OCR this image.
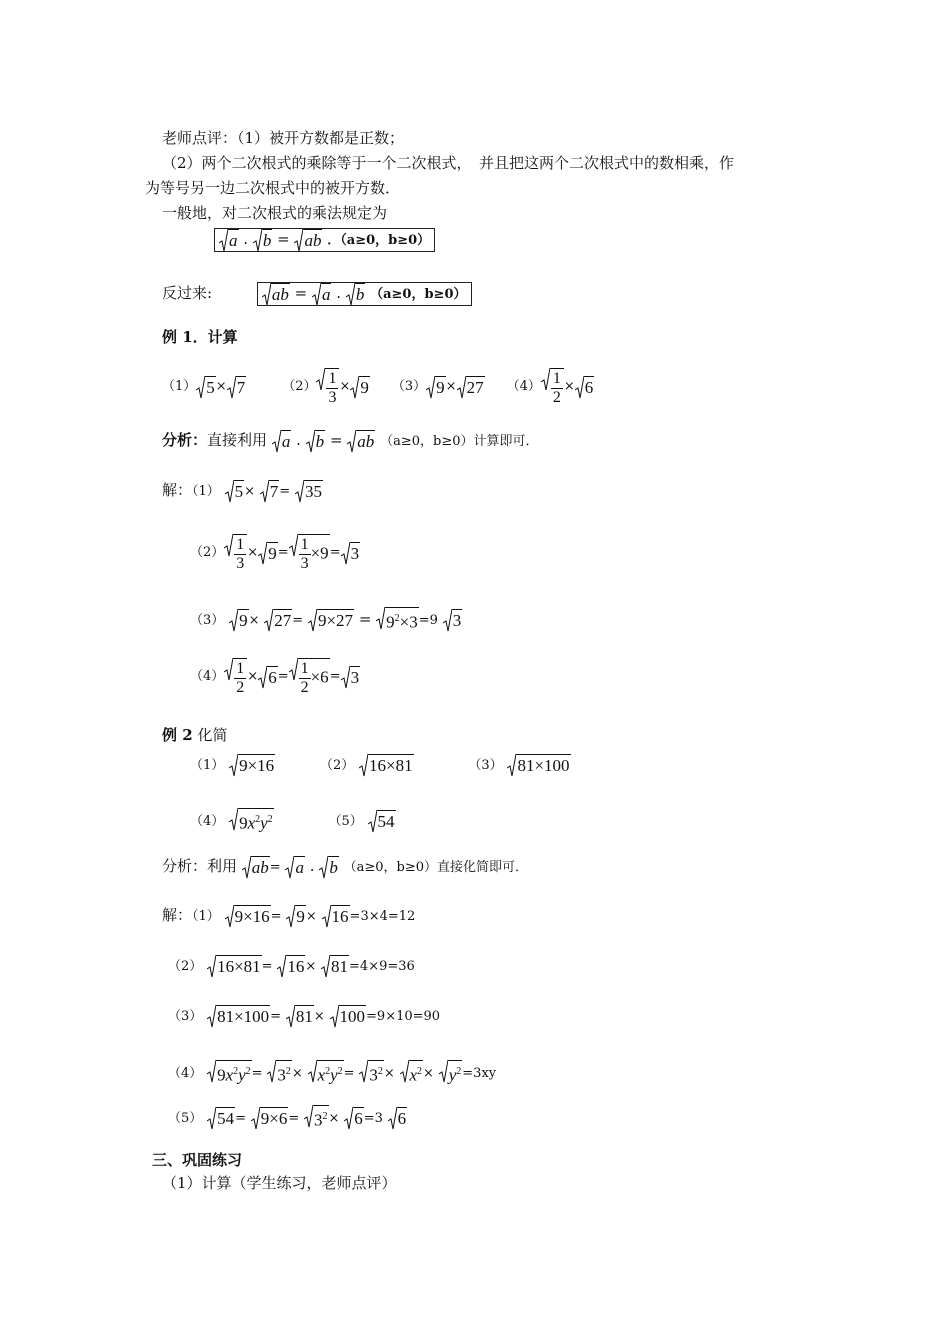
老师点评：（1）被开方数都是正数；
（2）两个二次根式的乘除等于一个二次根式，　并且把这两个二次根式中的数相乘，作
为等号另一边二次根式中的被开方数．
一般地，对二次根式的乘法规定为
a . b = ab ．（a≥0，b≥0）
反过来:	ab = a . b （a≥0，b≥0）
例 1．计算
（1） 5 × 7	$(2) \frac{1}{3} \times 9$ （3） 9 × 27 $(4) \frac{1}{2} \times 6$
分析：直接利用 a . b = ab （a≥0，b≥0）计算即可．
解：（1） 5× 7= 35
$(2) \frac{1}{3} \times 9 = \frac{1}{3} \times 9 = 3$
（3） $9\times 27= 9\times 27 = 9^2\times 3=9$ 3
$(4) \frac{1}{2} \times 6 = \frac{1}{2} \times 6 = 3$
例 2 化简
（1） 9×16	（2） 16×81	（3） 81×100
（4） $9x^2y^2$	（5） 54
分析：利用 ab= a . b （a≥0，b≥0）直接化简即可．
解：（1） 9×16= 9× 16=3×4=12
（2） 16×81= 16× 81=4×9=36
（3） 81×100= 81× 100=9×10=90
（4） $9x^2y^2= 3^2\times x^2y^2= 3^2\times x^2\times y^2=3xy$
（5） $54= 9\times 6= 3^2\times 6=3$ 6
三、巩固练习
（1）计算（学生练习，老师点评）
